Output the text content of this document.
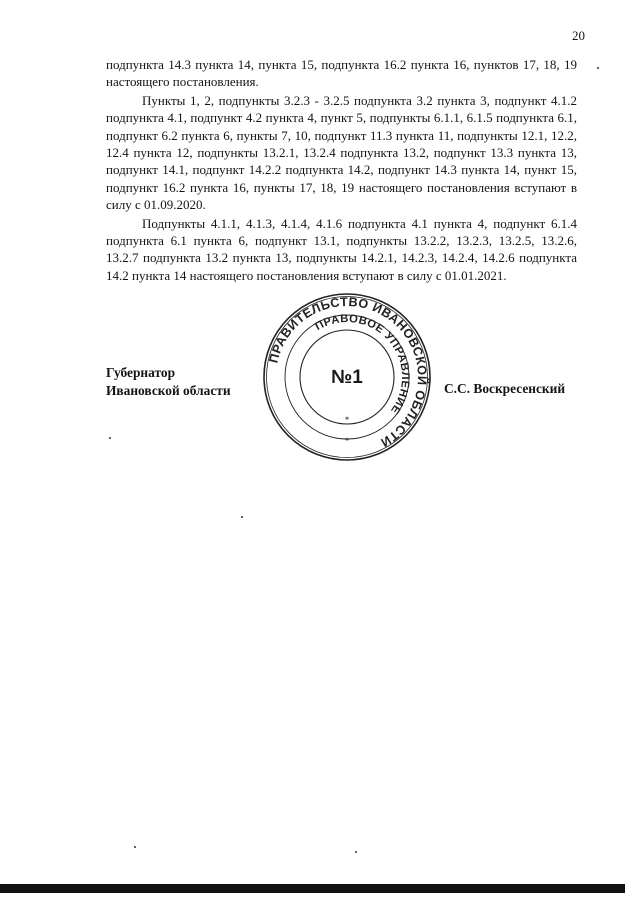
20

подпункта 14.3 пункта 14, пункта 15, подпункта 16.2 пункта 16, пунктов 17, 18, 19 настоящего постановления.

Пункты 1, 2, подпункты 3.2.3 - 3.2.5 подпункта 3.2 пункта 3, подпункт 4.1.2 подпункта 4.1, подпункт 4.2 пункта 4, пункт 5, подпункты 6.1.1, 6.1.5 подпункта 6.1, подпункт 6.2 пункта 6, пункты 7, 10, подпункт 11.3 пункта 11, подпункты 12.1, 12.2, 12.4 пункта 12, подпункты 13.2.1, 13.2.4 подпункта 13.2, подпункт 13.3 пункта 13, подпункт 14.1, подпункт 14.2.2 подпункта 14.2, подпункт 14.3 пункта 14, пункт 15, подпункт 16.2 пункта 16, пункты 17, 18, 19 настоящего постановления вступают в силу с 01.09.2020.

Подпункты 4.1.1, 4.1.3, 4.1.4, 4.1.6 подпункта 4.1 пункта 4, подпункт 6.1.4 подпункта 6.1 пункта 6, подпункт 13.1, подпункты 13.2.2, 13.2.3, 13.2.5, 13.2.6, 13.2.7 подпункта 13.2 пункта 13, подпункты 14.2.1, 14.2.3, 14.2.4, 14.2.6 подпункта 14.2 пункта 14 настоящего постановления вступают в силу с 01.01.2021.

Губернатор
Ивановской области
ПРАВИТЕЛЬСТВО ИВАНОВСКОЙ ОБЛАСТИ
ПРАВОВОЕ УПРАВЛЕНИЕ
№1
*
*
С.С. Воскресенский
